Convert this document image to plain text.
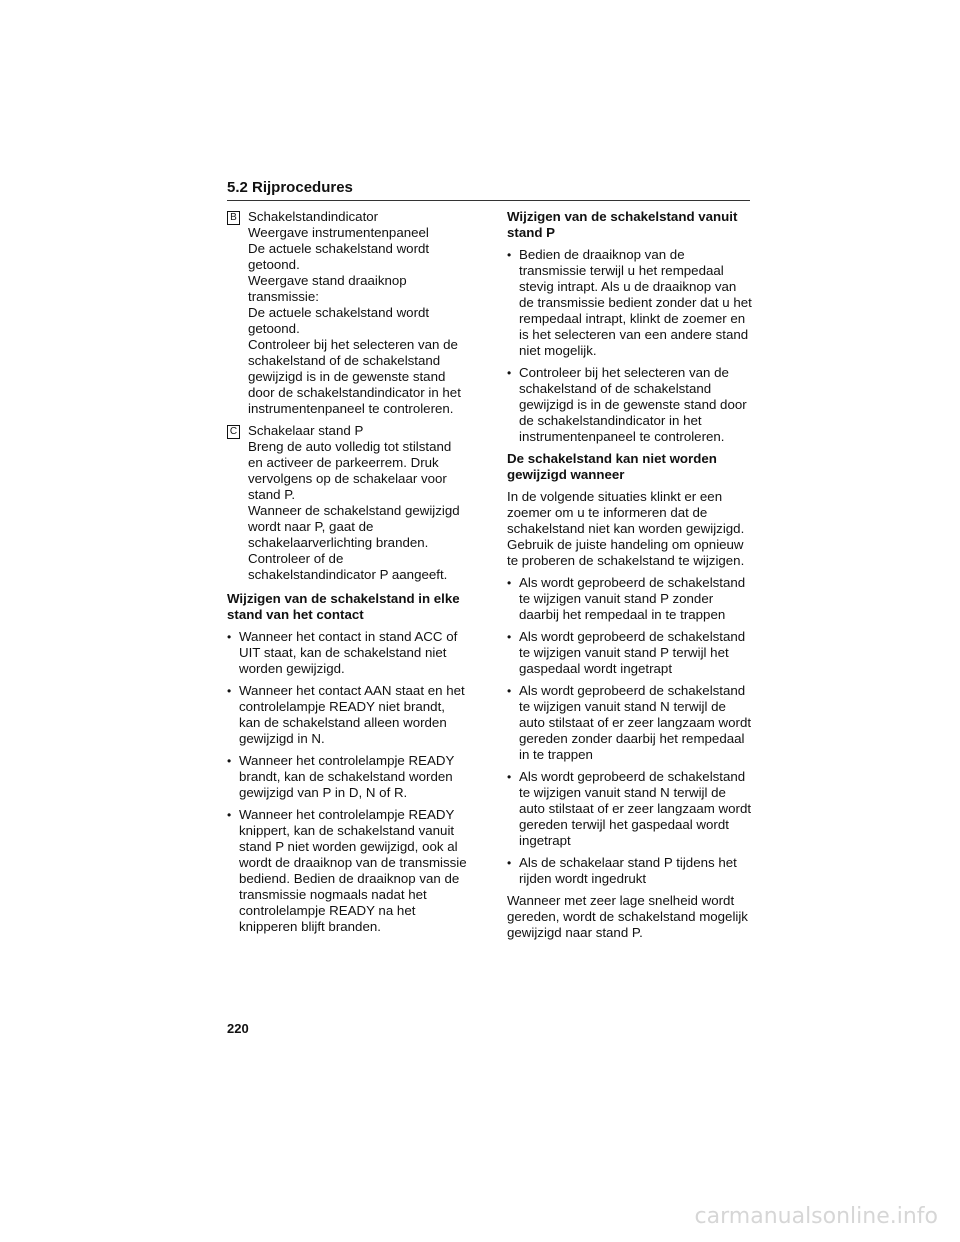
5.2 Rijprocedures
B Schakelstandindicator
Weergave instrumentenpaneel
De actuele schakelstand wordt getoond.
Weergave stand draaiknop transmissie:
De actuele schakelstand wordt getoond.
Controleer bij het selecteren van de schakelstand of de schakelstand gewijzigd is in de gewenste stand door de schakelstandindicator in het instrumentenpaneel te controleren.
C Schakelaar stand P
Breng de auto volledig tot stilstand en activeer de parkeerrem. Druk vervolgens op de schakelaar voor stand P.
Wanneer de schakelstand gewijzigd wordt naar P, gaat de schakelaarverlichting branden.
Controleer of de schakelstandindicator P aangeeft.
Wijzigen van de schakelstand in elke stand van het contact
• Wanneer het contact in stand ACC of UIT staat, kan de schakelstand niet worden gewijzigd.
• Wanneer het contact AAN staat en het controlelampje READY niet brandt, kan de schakelstand alleen worden gewijzigd in N.
• Wanneer het controlelampje READY brandt, kan de schakelstand worden gewijzigd van P in D, N of R.
• Wanneer het controlelampje READY knippert, kan de schakelstand vanuit stand P niet worden gewijzigd, ook al wordt de draaiknop van de transmissie bediend. Bedien de draaiknop van de transmissie nogmaals nadat het controlelampje READY na het knipperen blijft branden.
Wijzigen van de schakelstand vanuit stand P
• Bedien de draaiknop van de transmissie terwijl u het rempedaal stevig intrapt. Als u de draaiknop van de transmissie bedient zonder dat u het rempedaal intrapt, klinkt de zoemer en is het selecteren van een andere stand niet mogelijk.
• Controleer bij het selecteren van de schakelstand of de schakelstand gewijzigd is in de gewenste stand door de schakelstandindicator in het instrumentenpaneel te controleren.
De schakelstand kan niet worden gewijzigd wanneer

In de volgende situaties klinkt er een zoemer om u te informeren dat de schakelstand niet kan worden gewijzigd. Gebruik de juiste handeling om opnieuw te proberen de schakelstand te wijzigen.

• Als wordt geprobeerd de schakelstand te wijzigen vanuit stand P zonder daarbij het rempedaal in te trappen
• Als wordt geprobeerd de schakelstand te wijzigen vanuit stand P terwijl het gaspedaal wordt ingetrapt
• Als wordt geprobeerd de schakelstand te wijzigen vanuit stand N terwijl de auto stilstaat of er zeer langzaam wordt gereden zonder daarbij het rempedaal in te trappen
• Als wordt geprobeerd de schakelstand te wijzigen vanuit stand N terwijl de auto stilstaat of er zeer langzaam wordt gereden terwijl het gaspedaal wordt ingetrapt
• Als de schakelaar stand P tijdens het rijden wordt ingedrukt

Wanneer met zeer lage snelheid wordt gereden, wordt de schakelstand mogelijk gewijzigd naar stand P.

220
carmanualsonline.info
